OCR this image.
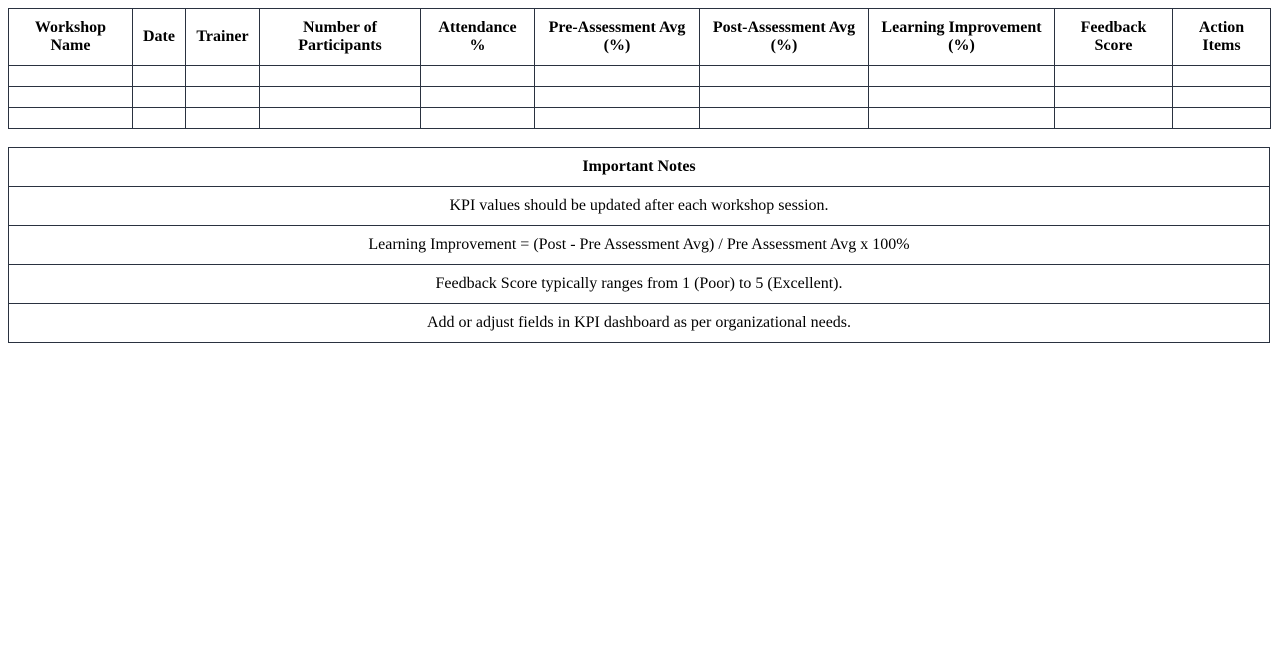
Workshop Name	Date	Trainer	Number of Participants	Attendance %	Pre-Assessment Avg (%)	Post-Assessment Avg (%)	Learning Improvement (%)	Feedback Score	Action Items

Important Notes
KPI values should be updated after each workshop session.
Learning Improvement = (Post - Pre Assessment Avg) / Pre Assessment Avg x 100%
Feedback Score typically ranges from 1 (Poor) to 5 (Excellent).
Add or adjust fields in KPI dashboard as per organizational needs.
